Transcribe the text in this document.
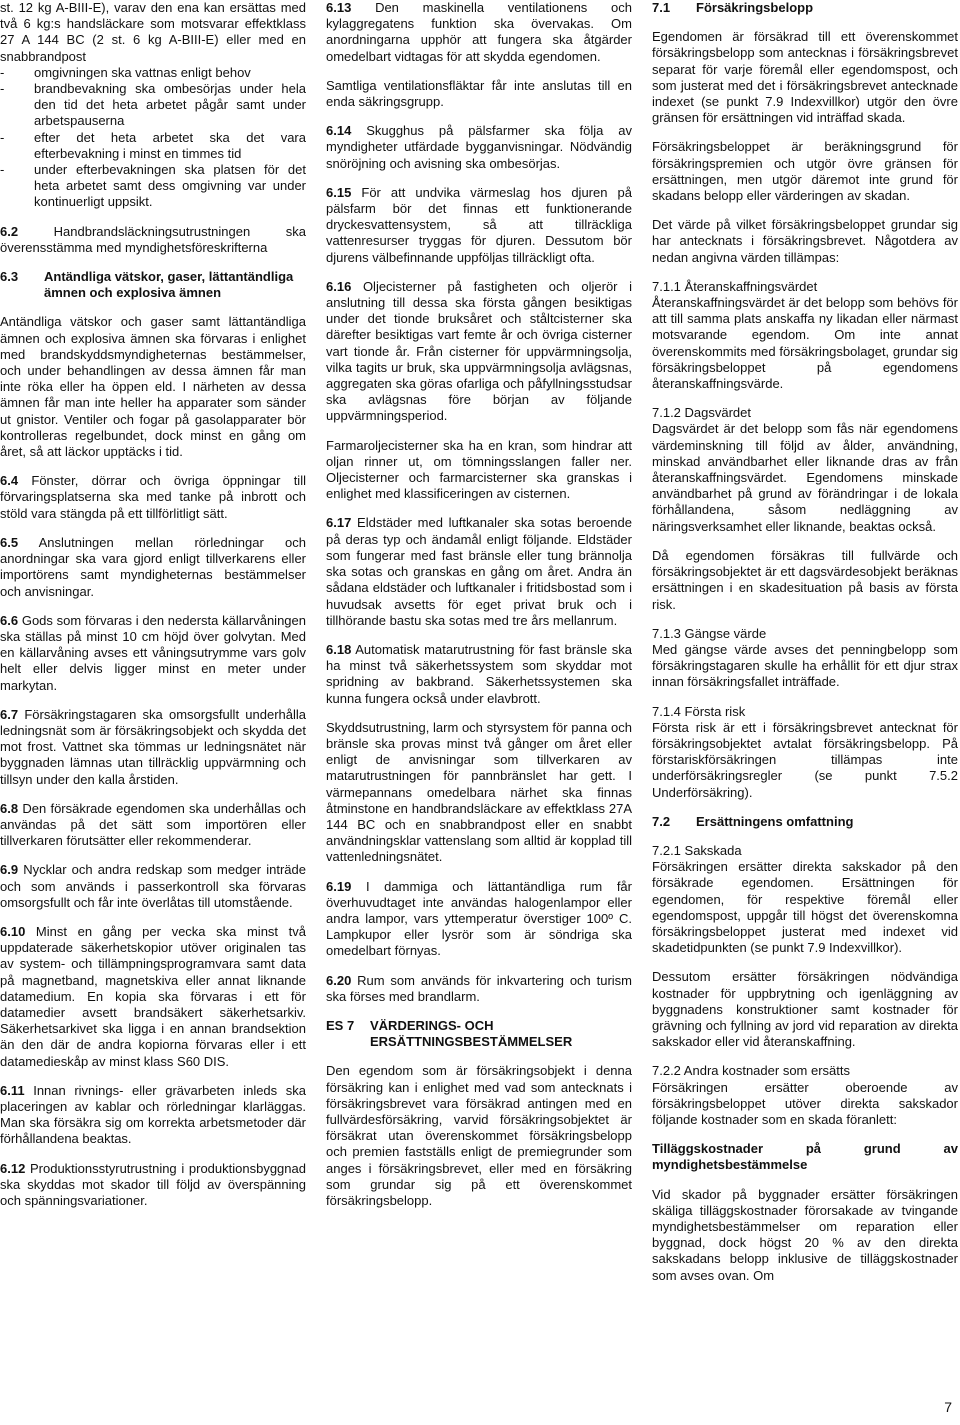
st. 12 kg A-BIII-E), varav den ena kan ersättas med två 6 kg:s handsläckare som motsvarar effektklass 27 A 144 BC (2 st. 6 kg A-BIII-E) eller med en snabbrandpost

-	omgivningen ska vattnas enligt behov
-	brandbevakning ska ombesörjas under hela den tid det heta arbetet pågår samt under arbetspauserna
-	efter det heta arbetet ska det vara efterbevakning i minst en timmes tid
-	under efterbevakningen ska platsen för det heta arbetet samt dess omgivning var under kontinuerligt uppsikt.

6.2	Handbrandsläckningsutrustningen ska överensstämma med myndighetsföreskrifterna

6.3	Antändliga vätskor, gaser, lättantändliga ämnen och explosiva ämnen

Antändliga vätskor och gaser samt lättantändliga ämnen och explosiva ämnen ska förvaras i enlighet med brandskyddsmyndigheternas bestämmelser, och under behandlingen av dessa ämnen får man inte röka eller ha öppen eld. I närheten av dessa ämnen får man inte heller ha apparater som sänder ut gnistor. Ventiler och fogar på gasolapparater bör kontrolleras regelbundet, dock minst en gång om året, så att läckor upptäcks i tid.

6.4 Fönster, dörrar och övriga öppningar till förvaringsplatserna ska med tanke på inbrott och stöld vara stängda på ett tillförlitligt sätt.

6.5 Anslutningen mellan rörledningar och anordningar ska vara gjord enligt tillverkarens eller importörens samt myndigheternas bestämmelser och anvisningar.

6.6 Gods som förvaras i den nedersta källarvåningen ska ställas på minst 10 cm höjd över golvytan. Med en källarvåning avses ett våningsutrymme vars golv helt eller delvis ligger minst en meter under markytan.

6.7 Försäkringstagaren ska omsorgsfullt underhålla ledningsnät som är försäkringsobjekt och skydda det mot frost. Vattnet ska tömmas ur ledningsnätet när byggnaden lämnas utan tillräcklig uppvärmning och tillsyn under den kalla årstiden.

6.8 Den försäkrade egendomen ska underhållas och användas på det sätt som importören eller tillverkaren förutsätter eller rekommenderar.

6.9 Nycklar och andra redskap som medger inträde och som används i passerkontroll ska förvaras omsorgsfullt och får inte överlåtas till utomstående.

6.10 Minst en gång per vecka ska minst två uppdaterade säkerhetskopior utöver originalen tas av system- och tillämpningsprogramvara samt data på magnetband, magnetskiva eller annat liknande datamedium. En kopia ska förvaras i ett för datamedier avsett brandsäkert säkerhetsarkiv. Säkerhetsarkivet ska ligga i en annan brandsektion än den där de andra kopiorna förvaras eller i ett datamedieskåp av minst klass S60 DIS.

6.11 Innan rivnings- eller grävarbeten inleds ska placeringen av kablar och rörledningar klarläggas. Man ska försäkra sig om korrekta arbetsmetoder där förhållandena beaktas.

6.12 Produktionsstyrutrustning i produktionsbyggnad ska skyddas mot skador till följd av överspänning och spänningsvariationer.

6.13 Den maskinella ventilationens och kylaggregatens funktion ska övervakas. Om anordningarna upphör att fungera ska åtgärder omedelbart vidtagas för att skydda egendomen.

Samtliga ventilationsfläktar får inte anslutas till en enda säkringsgrupp.

6.14 Skugghus på pälsfarmer ska följa av myndigheter utfärdade bygganvisningar. Nödvändig snöröjning och avisning ska ombesörjas.

6.15 För att undvika värmeslag hos djuren på pälsfarm bör det finnas ett funktionerande dryckesvattensystem, så att tillräckliga vattenresurser tryggas för djuren. Dessutom bör djurens välbefinnande uppföljas tillräckligt ofta.

6.16 Oljecisterner på fastigheten och oljerör i anslutning till dessa ska första gången besiktigas under det tionde bruksåret och ståltcisterner ska därefter besiktigas vart femte år och övriga cisterner vart tionde år. Från cisterner för uppvärmningsolja, vilka tagits ur bruk, ska uppvärmningsolja avlägsnas, aggregaten ska göras ofarliga och påfyllningsstudsar ska avlägsnas före början av följande uppvärmningsperiod.

Farmaroljecisterner ska ha en kran, som hindrar att oljan rinner ut, om tömningsslangen faller ner. Oljecisterner och farmarcisterner ska granskas i enlighet med klassificeringen av cisternen.

6.17 Eldstäder med luftkanaler ska sotas beroende på deras typ och ändamål enligt följande. Eldstäder som fungerar med fast bränsle eller tung brännolja ska sotas och granskas en gång om året. Andra än sådana eldstäder och luftkanaler i fritidsbostad som i huvudsak avsetts för eget privat bruk och i tillhörande bastu ska sotas med tre års mellanrum.

6.18 Automatisk matarutrustning för fast bränsle ska ha minst två säkerhetssystem som skyddar mot spridning av bakbrand. Säkerhetssystemen ska kunna fungera också under elavbrott.

Skyddsutrustning, larm och styrsystem för panna och bränsle ska provas minst två gånger om året eller enligt de anvisningar som tillverkaren av matarutrustningen för pannbränslet har gett. I värmepannans omedelbara närhet ska finnas åtminstone en handbrandsläckare av effektklass 27A 144 BC och en snabbrandpost eller en snabbt användningsklar vattenslang som alltid är kopplad till vattenledningsnätet.

6.19 I dammiga och lättantändliga rum får överhuvudtaget inte användas halogenlampor eller andra lampor, vars yttemperatur överstiger 100º C. Lampkupor eller lysrör som är söndriga ska omedelbart förnyas.

6.20 Rum som används för inkvartering och turism ska förses med brandlarm.

ES 7	VÄRDERINGS- OCH ERSÄTTNINGSBESTÄMMELSER

Den egendom som är försäkringsobjekt i denna försäkring kan i enlighet med vad som antecknats i försäkringsbrevet vara försäkrad antingen med en fullvärdesförsäkring, varvid försäkringsobjektet är försäkrat utan överenskommet försäkringsbelopp och premien fastställs enligt de premiegrunder som anges i försäkringsbrevet, eller med en försäkring som grundar sig på ett överenskommet försäkringsbelopp.

7.1	Försäkringsbelopp

Egendomen är försäkrad till ett överenskommet försäkringsbelopp som antecknas i försäkringsbrevet separat för varje föremål eller egendomspost, och som justerat med det i försäkringsbrevet antecknade indexet (se punkt 7.9 Indexvillkor) utgör den övre gränsen för ersättningen vid inträffad skada.

Försäkringsbeloppet är beräkningsgrund för försäkringspremien och utgör övre gränsen för ersättningen, men utgör däremot inte grund för skadans belopp eller värderingen av skadan.

Det värde på vilket försäkringsbeloppet grundar sig har antecknats i försäkringsbrevet. Någotdera av nedan angivna värden tillämpas:

7.1.1 Återanskaffningsvärdet
Återanskaffningsvärdet är det belopp som behövs för att till samma plats anskaffa ny likadan eller närmast motsvarande egendom. Om inte annat överenskommits med försäkringsbolaget, grundar sig försäkringsbeloppet på egendomens återanskaffningsvärde.

7.1.2 Dagsvärdet
Dagsvärdet är det belopp som fås när egendomens värdeminskning till följd av ålder, användning, minskad användbarhet eller liknande dras av från återanskaffningsvärdet. Egendomens minskade användbarhet på grund av förändringar i de lokala förhållandena, såsom nedläggning av näringsverksamhet eller liknande, beaktas också.

Då egendomen försäkras till fullvärde och försäkringsobjektet är ett dagsvärdesobjekt beräknas ersättningen i en skadesituation på basis av första risk.

7.1.3 Gängse värde
Med gängse värde avses det penningbelopp som försäkringstagaren skulle ha erhållit för ett djur strax innan försäkringsfallet inträffade.

7.1.4 Första risk
Första risk är ett i försäkringsbrevet antecknat för försäkringsobjektet avtalat försäkringsbelopp. På förstariskförsäkringen tillämpas inte underförsäkringsregler (se punkt 7.5.2 Underförsäkring).

7.2	Ersättningens omfattning

7.2.1 Sakskada
Försäkringen ersätter direkta sakskador på den försäkrade egendomen. Ersättningen för egendomen, för respektive föremål eller egendomspost, uppgår till högst det överenskomna försäkringsbeloppet justerat med indexet vid skadetidpunkten (se punkt 7.9 Indexvillkor).

Dessutom ersätter försäkringen nödvändiga kostnader för uppbrytning och igenläggning av byggnadens konstruktioner samt kostnader för grävning och fyllning av jord vid reparation av direkta sakskador eller vid återanskaffning.

7.2.2 Andra kostnader som ersätts
Försäkringen ersätter oberoende av försäkringsbeloppet utöver direkta sakskador följande kostnader som en skada föranlett:

Tilläggskostnader på grund av myndighetsbestämmelse

Vid skador på byggnader ersätter försäkringen skäliga tilläggskostnader förorsakade av tvingande myndighetsbestämmelser om reparation eller byggnad, dock högst 20 % av den direkta sakskadans belopp inklusive de tilläggskostnader som avses ovan. Om

7
